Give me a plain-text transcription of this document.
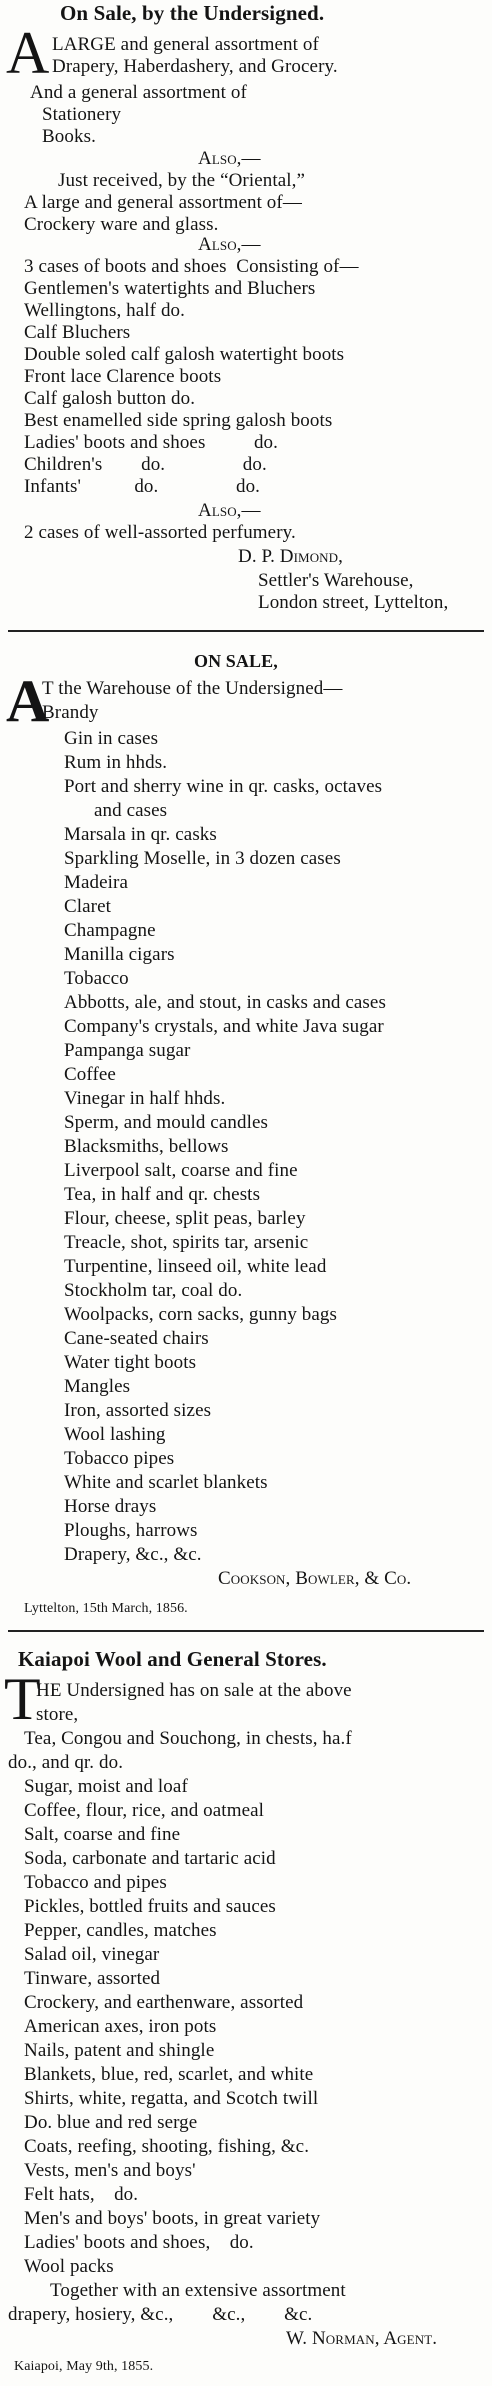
On Sale, by the Undersigned.
A LARGE and general assortment of
Drapery, Haberdashery, and Grocery.
And a general assortment of
Stationery
Books.
Also,—
Just received, by the “Oriental,”
A large and general assortment of—
Crockery ware and glass.
Also,—
3 cases of boots and shoes  Consisting of—
Gentlemen's watertights and Bluchers
Wellingtons, half do.
Calf Bluchers
Double soled calf galosh watertight boots
Front lace Clarence boots
Calf galosh button do.
Best enamelled side spring galosh boots
Ladies' boots and shoes          do.
Children's        do.                do.
Infants'           do.                do.
Also,—
2 cases of well-assorted perfumery.
D. P. Dimond,
Settler's Warehouse,
London street, Lyttelton,
ON SALE,
A
T the Warehouse of the Undersigned—
Brandy
Gin in cases
Rum in hhds.
Port and sherry wine in qr. casks, octaves
and cases
Marsala in qr. casks
Sparkling Moselle, in 3 dozen cases
Madeira
Claret
Champagne
Manilla cigars
Tobacco
Abbotts, ale, and stout, in casks and cases
Company's crystals, and white Java sugar
Pampanga sugar
Coffee
Vinegar in half hhds.
Sperm, and mould candles
Blacksmiths, bellows
Liverpool salt, coarse and fine
Tea, in half and qr. chests
Flour, cheese, split peas, barley
Treacle, shot, spirits tar, arsenic
Turpentine, linseed oil, white lead
Stockholm tar, coal do.
Woolpacks, corn sacks, gunny bags
Cane-seated chairs
Water tight boots
Mangles
Iron, assorted sizes
Wool lashing
Tobacco pipes
White and scarlet blankets
Horse drays
Ploughs, harrows
Drapery, &c., &c.
Cookson, Bowler, & Co.
Lyttelton, 15th March, 1856.
Kaiapoi Wool and General Stores.
T
HE Undersigned has on sale at the above
store,
Tea, Congou and Souchong, in chests, ha.f
do., and qr. do.
Sugar, moist and loaf
Coffee, flour, rice, and oatmeal
Salt, coarse and fine
Soda, carbonate and tartaric acid
Tobacco and pipes
Pickles, bottled fruits and sauces
Pepper, candles, matches
Salad oil, vinegar
Tinware, assorted
Crockery, and earthenware, assorted
American axes, iron pots
Nails, patent and shingle
Blankets, blue, red, scarlet, and white
Shirts, white, regatta, and Scotch twill
Do. blue and red serge
Coats, reefing, shooting, fishing, &c.
Vests, men's and boys'
Felt hats,    do.
Men's and boys' boots, in great variety
Ladies' boots and shoes,    do.
Wool packs
Together with an extensive assortment
drapery, hosiery, &c.,        &c.,        &c.
W. Norman, Agent.
Kaiapoi, May 9th, 1855.
